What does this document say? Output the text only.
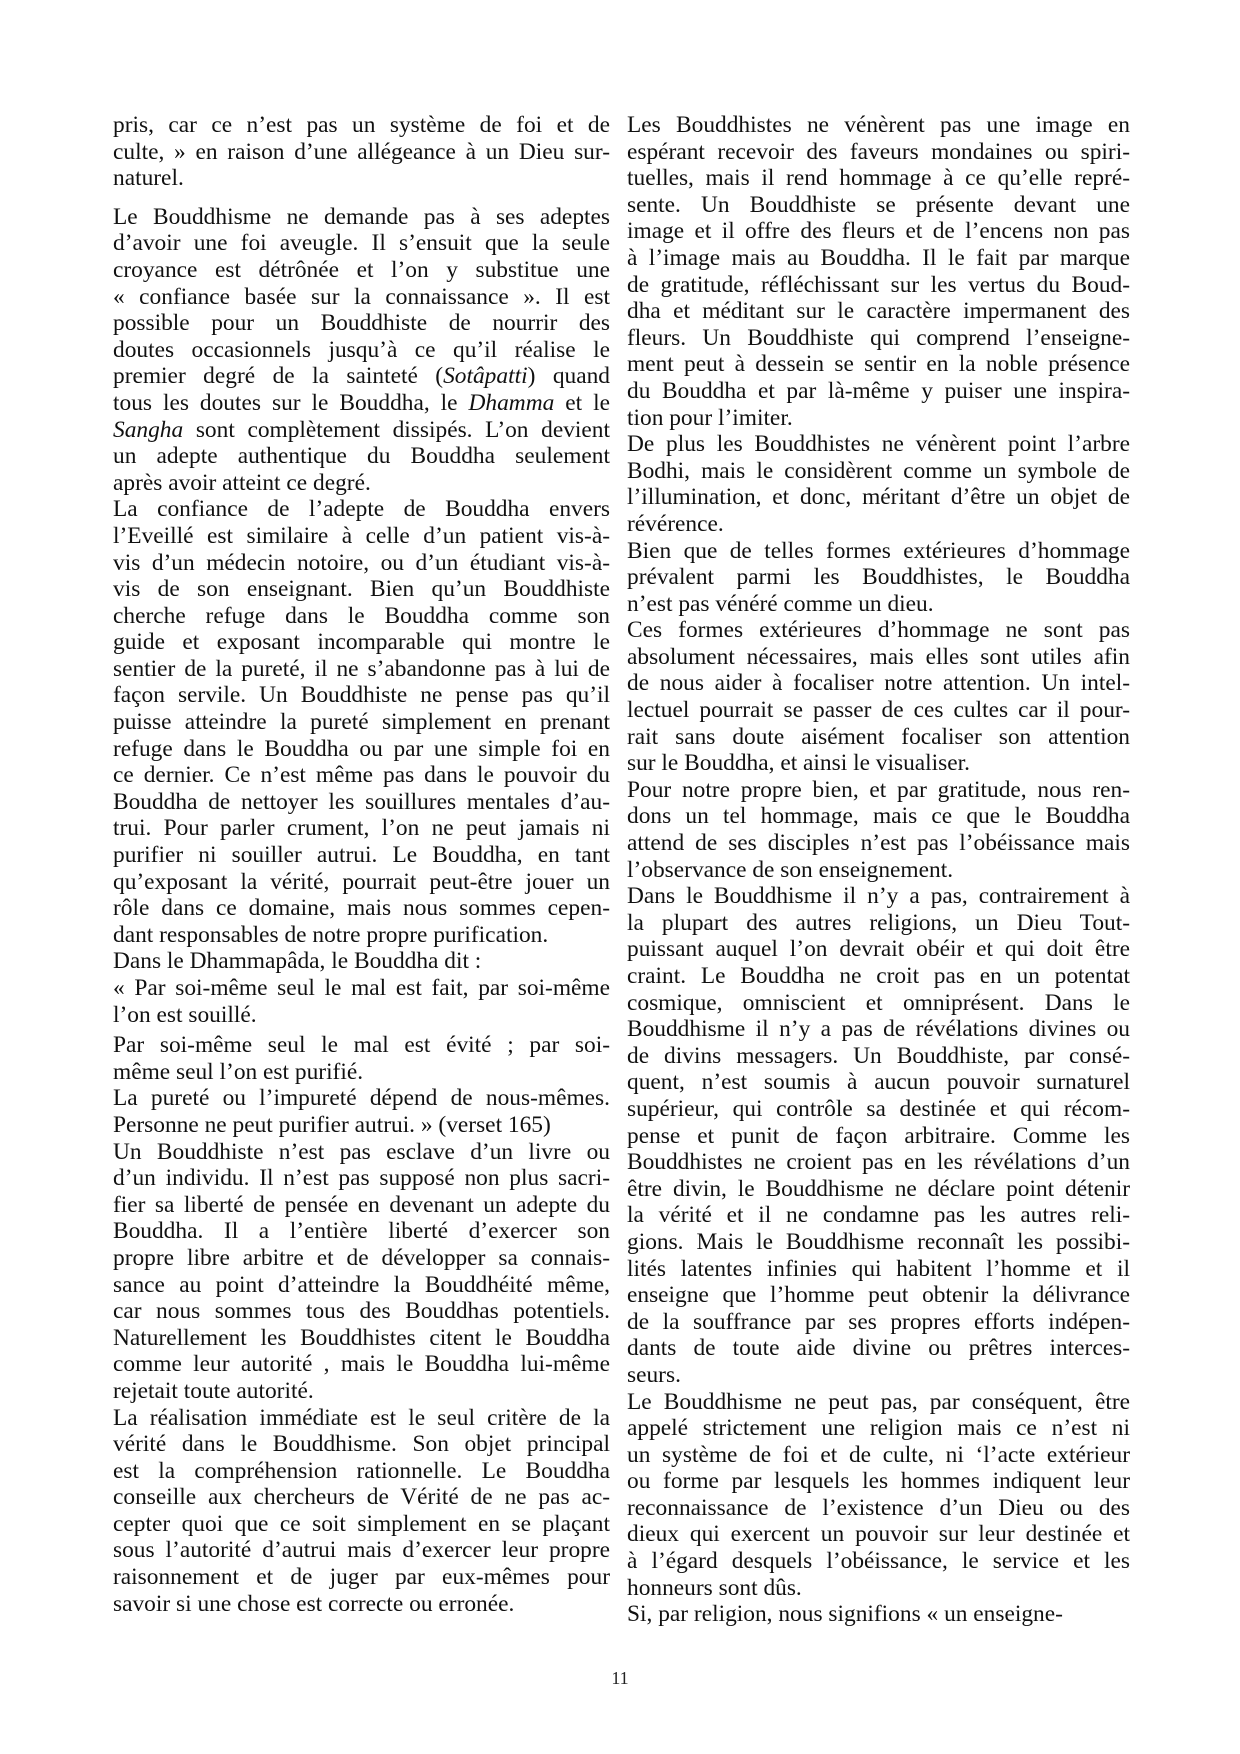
pris, car ce n’est pas un système de foi et de
culte, » en raison d’une allégeance à un Dieu sur-
naturel.

Le Bouddhisme ne demande pas à ses adeptes
d’avoir une foi aveugle. Il s’ensuit que la seule
croyance est détrônée et l’on y substitue une
« confiance basée sur la connaissance ». Il est
possible pour un Bouddhiste de nourrir des
doutes occasionnels jusqu’à ce qu’il réalise le
premier degré de la sainteté (Sotâpatti) quand
tous les doutes sur le Bouddha, le Dhamma et le
Sangha sont complètement dissipés. L’on devient
un adepte authentique du Bouddha seulement
après avoir atteint ce degré.

La confiance de l’adepte de Bouddha envers
l’Eveillé est similaire à celle d’un patient vis-à-
vis d’un médecin notoire, ou d’un étudiant vis-à-
vis de son enseignant. Bien qu’un Bouddhiste
cherche refuge dans le Bouddha comme son
guide et exposant incomparable qui montre le
sentier de la pureté, il ne s’abandonne pas à lui de
façon servile. Un Bouddhiste ne pense pas qu’il
puisse atteindre la pureté simplement en prenant
refuge dans le Bouddha ou par une simple foi en
ce dernier. Ce n’est même pas dans le pouvoir du
Bouddha de nettoyer les souillures mentales d’au-
trui. Pour parler crument, l’on ne peut jamais ni
purifier ni souiller autrui. Le Bouddha, en tant
qu’exposant la vérité, pourrait peut-être jouer un
rôle dans ce domaine, mais nous sommes cepen-
dant responsables de notre propre purification.

Dans le Dhammapâda, le Bouddha dit :

« Par soi-même seul le mal est fait, par soi-même
l’on est souillé.

Par soi-même seul le mal est évité ; par soi-
même seul l’on est purifié.

La pureté ou l’impureté dépend de nous-mêmes.
Personne ne peut purifier autrui. » (verset 165)

Un Bouddhiste n’est pas esclave d’un livre ou
d’un individu. Il n’est pas supposé non plus sacri-
fier sa liberté de pensée en devenant un adepte du
Bouddha. Il a l’entière liberté d’exercer son
propre libre arbitre et de développer sa connais-
sance au point d’atteindre la Bouddhéité même,
car nous sommes tous des Bouddhas potentiels.
Naturellement les Bouddhistes citent le Bouddha
comme leur autorité , mais le Bouddha lui-même
rejetait toute autorité.

La réalisation immédiate est le seul critère de la
vérité dans le Bouddhisme. Son objet principal
est la compréhension rationnelle. Le Bouddha
conseille aux chercheurs de Vérité de ne pas ac-
cepter quoi que ce soit simplement en se plaçant
sous l’autorité d’autrui mais d’exercer leur propre
raisonnement et de juger par eux-mêmes pour
savoir si une chose est correcte ou erronée.

Les Bouddhistes ne vénèrent pas une image en
espérant recevoir des faveurs mondaines ou spiri-
tuelles, mais il rend hommage à ce qu’elle repré-
sente. Un Bouddhiste se présente devant une
image et il offre des fleurs et de l’encens non pas
à l’image mais au Bouddha. Il le fait par marque
de gratitude, réfléchissant sur les vertus du Boud-
dha et méditant sur le caractère impermanent des
fleurs. Un Bouddhiste qui comprend l’enseigne-
ment peut à dessein se sentir en la noble présence
du Bouddha et par là-même y puiser une inspira-
tion pour l’imiter.

De plus les Bouddhistes ne vénèrent point l’arbre
Bodhi, mais le considèrent comme un symbole de
l’illumination, et donc, méritant d’être un objet de
révérence.

Bien que de telles formes extérieures d’hommage
prévalent parmi les Bouddhistes, le Bouddha
n’est pas vénéré comme un dieu.

Ces formes extérieures d’hommage ne sont pas
absolument nécessaires, mais elles sont utiles afin
de nous aider à focaliser notre attention. Un intel-
lectuel pourrait se passer de ces cultes car il pour-
rait sans doute aisément focaliser son attention
sur le Bouddha, et ainsi le visualiser.

Pour notre propre bien, et par gratitude, nous ren-
dons un tel hommage, mais ce que le Bouddha
attend de ses disciples n’est pas l’obéissance mais
l’observance de son enseignement.

Dans le Bouddhisme il n’y a pas, contrairement à
la plupart des autres religions, un Dieu Tout-
puissant auquel l’on devrait obéir et qui doit être
craint. Le Bouddha ne croit pas en un potentat
cosmique, omniscient et omniprésent. Dans le
Bouddhisme il n’y a pas de révélations divines ou
de divins messagers. Un Bouddhiste, par consé-
quent, n’est soumis à aucun pouvoir surnaturel
supérieur, qui contrôle sa destinée et qui récom-
pense et punit de façon arbitraire. Comme les
Bouddhistes ne croient pas en les révélations d’un
être divin, le Bouddhisme ne déclare point détenir
la vérité et il ne condamne pas les autres reli-
gions. Mais le Bouddhisme reconnaît les possibi-
lités latentes infinies qui habitent l’homme et il
enseigne que l’homme peut obtenir la délivrance
de la souffrance par ses propres efforts indépen-
dants de toute aide divine ou prêtres interces-
seurs.

Le Bouddhisme ne peut pas, par conséquent, être
appelé strictement une religion mais ce n’est ni
un système de foi et de culte, ni ‘l’acte extérieur
ou forme par lesquels les hommes indiquent leur
reconnaissance de l’existence d’un Dieu ou des
dieux qui exercent un pouvoir sur leur destinée et
à l’égard desquels l’obéissance, le service et les
honneurs sont dûs.

Si, par religion, nous signifions « un enseigne-

11
